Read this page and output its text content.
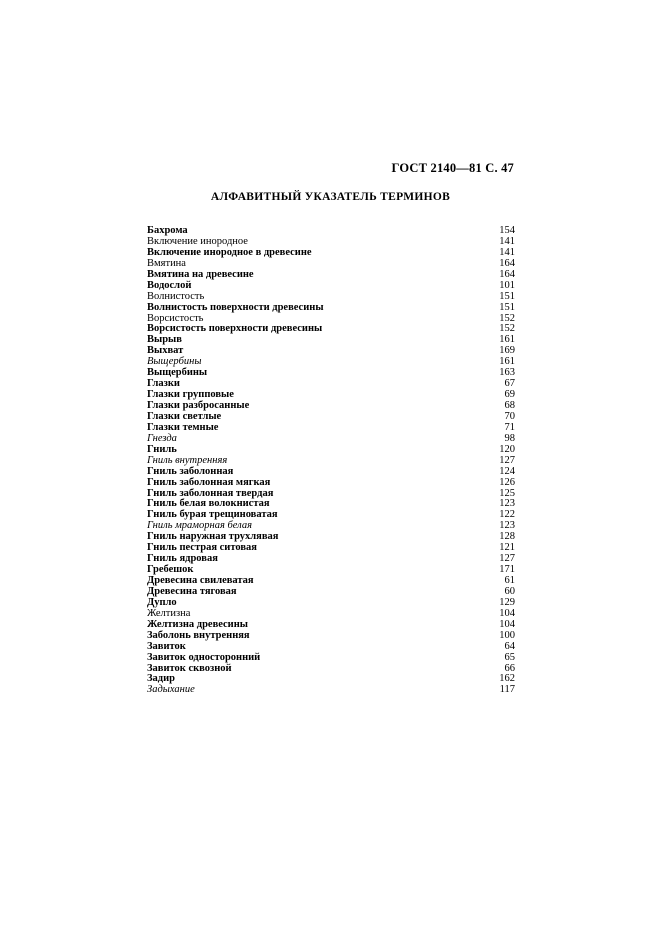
ГОСТ 2140—81 С. 47
АЛФАВИТНЫЙ УКАЗАТЕЛЬ ТЕРМИНОВ
Бахрома	154
Включение инородное	141
Включение инородное в древесине	141
Вмятина	164
Вмятина на древесине	164
Водослой	101
Волнистость	151
Волнистость поверхности древесины	151
Ворсистость	152
Ворсистость поверхности древесины	152
Вырыв	161
Выхват	169
Выщербины	161
Выщербины	163
Глазки	67
Глазки групповые	69
Глазки разбросанные	68
Глазки светлые	70
Глазки темные	71
Гнезда	98
Гниль	120
Гниль внутренняя	127
Гниль заболонная	124
Гниль заболонная мягкая	126
Гниль заболонная твердая	125
Гниль белая волокнистая	123
Гниль бурая трещиноватая	122
Гниль мраморная белая	123
Гниль наружная трухлявая	128
Гниль пестрая ситовая	121
Гниль ядровая	127
Гребешок	171
Древесина свилеватая	61
Древесина тяговая	60
Дупло	129
Желтизна	104
Желтизна древесины	104
Заболонь внутренняя	100
Завиток	64
Завиток односторонний	65
Завиток сквозной	66
Задир	162
Задыхание	117
